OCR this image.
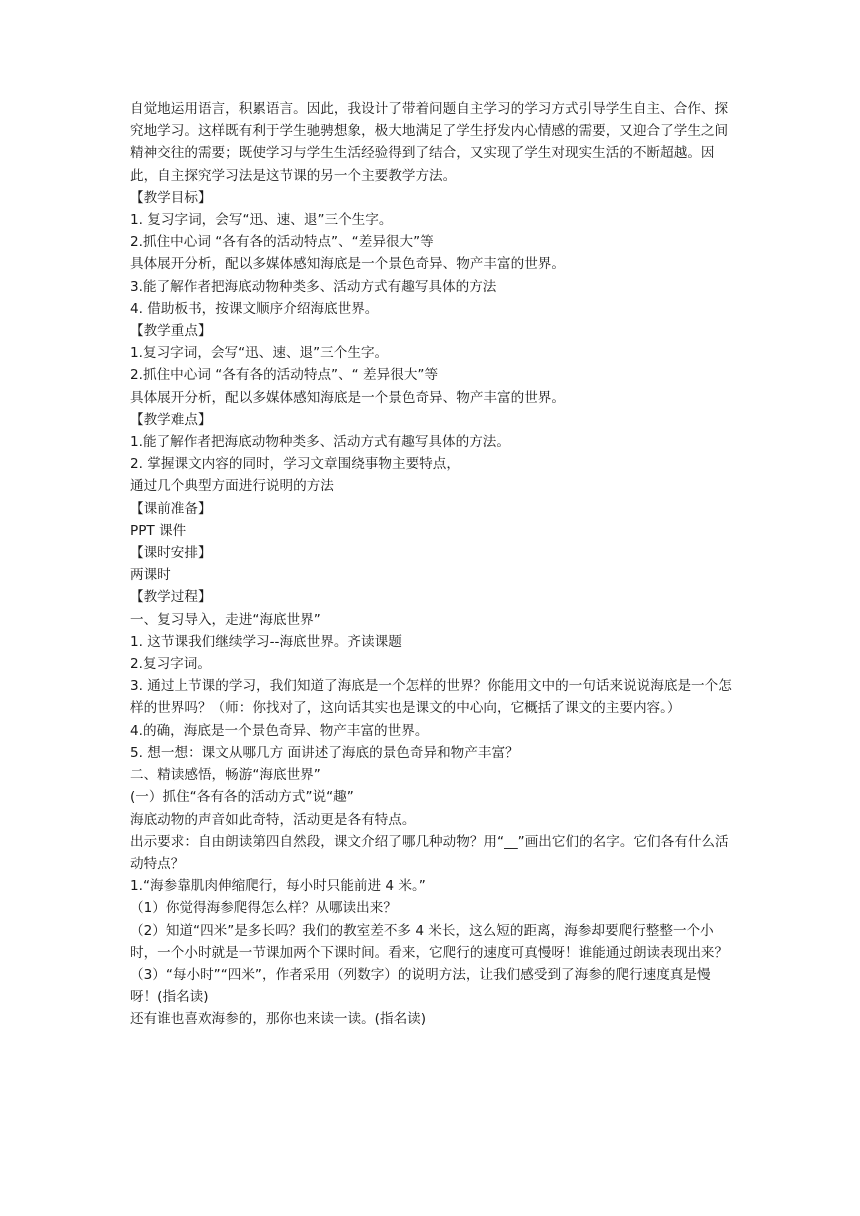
自觉地运用语言，积累语言。因此，我设计了带着问题自主学习的学习方式引导学生自主、合作、探究地学习。这样既有利于学生驰骋想象，极大地满足了学生抒发内心情感的需要，又迎合了学生之间精神交往的需要；既使学习与学生生活经验得到了结合，又实现了学生对现实生活的不断超越。因此，自主探究学习法是这节课的另一个主要教学方法。

【教学目标】

1. 复习字词，会写“迅、速、退”三个生字。

2.抓住中心词 “各有各的活动特点”、“差异很大”等

具体展开分析，配以多媒体感知海底是一个景色奇异、物产丰富的世界。

3.能了解作者把海底动物种类多、活动方式有趣写具体的方法

4. 借助板书，按课文顺序介绍海底世界。

【教学重点】

1.复习字词，会写“迅、速、退”三个生字。

2.抓住中心词 “各有各的活动特点”、“ 差异很大”等

具体展开分析，配以多媒体感知海底是一个景色奇异、物产丰富的世界。

【教学难点】

1.能了解作者把海底动物种类多、活动方式有趣写具体的方法。

2. 掌握课文内容的同时，学习文章围绕事物主要特点，

通过几个典型方面进行说明的方法

【课前准备】

PPT 课件

【课时安排】

两课时

【教学过程】

一、复习导入，走进“海底世界”

1. 这节课我们继续学习--海底世界。齐读课题

2.复习字词。

3. 通过上节课的学习，我们知道了海底是一个怎样的世界？你能用文中的一句话来说说海底是一个怎样的世界吗？（师：你找对了，这向话其实也是课文的中心向，它概括了课文的主要内容。）

4.的确，海底是一个景色奇异、物产丰富的世界。

5. 想一想：课文从哪几方 面讲述了海底的景色奇异和物产丰富？

二、精读感悟，畅游“海底世界”

(一）抓住“各有各的活动方式”说“趣”

海底动物的声音如此奇特，活动更是各有特点。

出示要求：自由朗读第四自然段，课文介绍了哪几种动物？用“__”画出它们的名字。它们各有什么活动特点？

1.“海参靠肌肉伸缩爬行，每小时只能前进 4 米。”

（1）你觉得海参爬得怎么样？从哪读出来？

（2）知道“四米”是多长吗？我们的教室差不多 4 米长，这么短的距离，海参却要爬行整整一个小时，一个小时就是一节课加两个下课时间。看来，它爬行的速度可真慢呀！谁能通过朗读表现出来？

（3）“每小时”“四米”，作者采用（列数字）的说明方法，让我们感受到了海参的爬行速度真是慢呀！(指名读)

还有谁也喜欢海参的，那你也来读一读。(指名读)
